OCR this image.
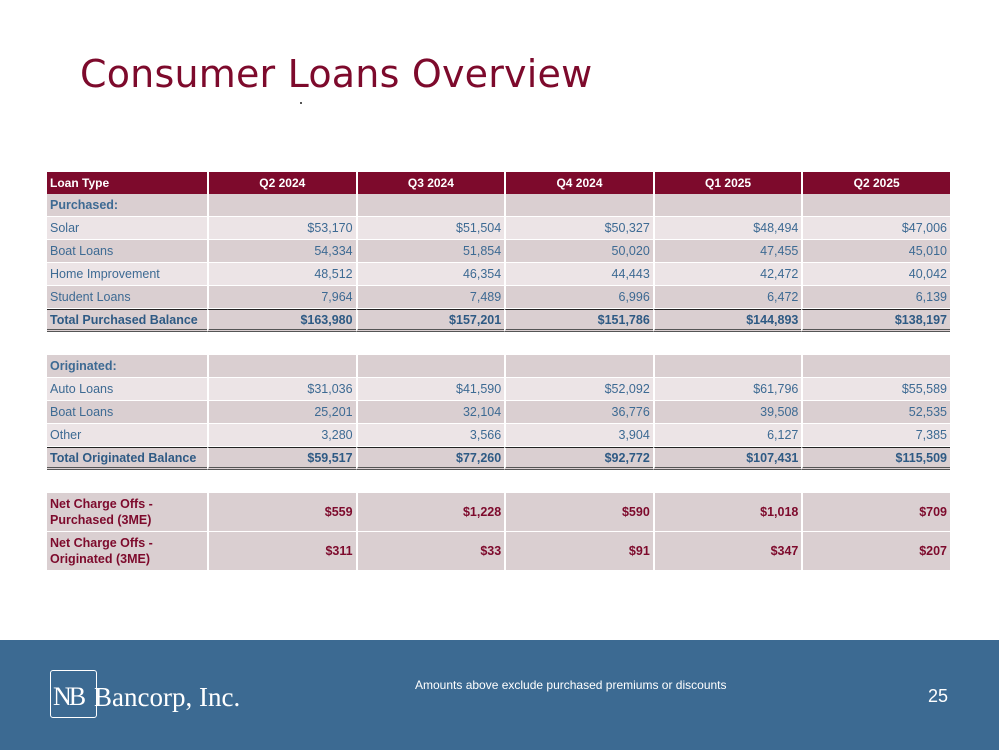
Consumer Loans Overview
Loan Type	Q2 2024	Q3 2024	Q4 2024	Q1 2025	Q2 2025
Purchased:					
Solar	$53,170	$51,504	$50,327	$48,494	$47,006
Boat Loans	54,334	51,854	50,020	47,455	45,010
Home Improvement	48,512	46,354	44,443	42,472	40,042
Student Loans	7,964	7,489	6,996	6,472	6,139
Total Purchased Balance	$163,980	$157,201	$151,786	$144,893	$138,197

Originated:					
Auto Loans	$31,036	$41,590	$52,092	$61,796	$55,589
Boat Loans	25,201	32,104	36,776	39,508	52,535
Other	3,280	3,566	3,904	6,127	7,385
Total Originated Balance	$59,517	$77,260	$92,772	$107,431	$115,509

Net Charge Offs -
Purchased (3ME)	$559	$1,228	$590	$1,018	$709
Net Charge Offs -
Originated (3ME)	$311	$33	$91	$347	$207
NB Bancorp, Inc.	Amounts above exclude purchased premiums or discounts
25
